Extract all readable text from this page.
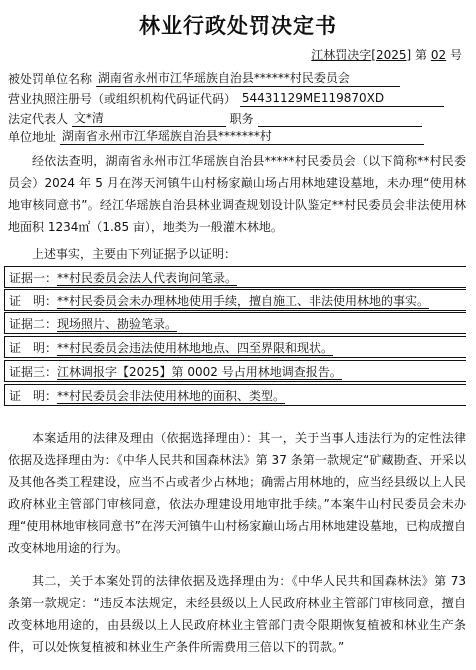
林业行政处罚决定书
江林罚决字[2025] 第 02 号
被处罚单位名称 湖南省永州市江华瑶族自治县******村民委员会
营业执照注册号（或组织机构代码证代码） 54431129ME119870XD
法定代表人 文*清	职务
单位地址 湖南省永州市江华瑶族自治县*******村
经依法查明，湖南省永州市江华瑶族自治县*****村民委员会（以下简称**村民委员会）2024 年 5 月在涔天河镇牛山村杨家巅山场占用林地建设墓地，未办理“使用林地审核同意书”。经江华瑶族自治县林业调查规划设计队鉴定**村民委员会非法使用林地面积 1234㎡（1.85 亩），地类为一般灌木林地。
上述事实，主要由下列证据予以证明：
证据一：**村民委员会法人代表询问笔录。
证　明：**村民委员会未办理林地使用手续，擅自施工、非法使用林地的事实。
证据二：现场照片、勘验笔录。
证　明：**村民委员会违法使用林地地点、四至界限和现状。
证据三：江林调报字【2025】第 0002 号占用林地调查报告。
证　明：**村民委员会非法使用林地的面积、类型。
本案适用的法律及理由（依据选择理由）：其一，关于当事人违法行为的定性法律依据及选择理由为：《中华人民共和国森林法》第 37 条第一款规定“矿藏勘查、开采以及其他各类工程建设，应当不占或者少占林地；确需占用林地的，应当经县级以上人民政府林业主管部门审核同意，依法办理建设用地审批手续。”本案牛山村民委员会未办理“使用林地审核同意书”在涔天河镇牛山村杨家巅山场占用林地建设墓地，已构成擅自改变林地用途的行为。
其二，关于本案处罚的法律依据及选择理由为：《中华人民共和国森林法》第 73 条第一款规定：“违反本法规定，未经县级以上人民政府林业主管部门审核同意，擅自改变林地用途的，由县级以上人民政府林业主管部门责令限期恢复植被和林业生产条件，可以处恢复植被和林业生产条件所需费用三倍以下的罚款。”
